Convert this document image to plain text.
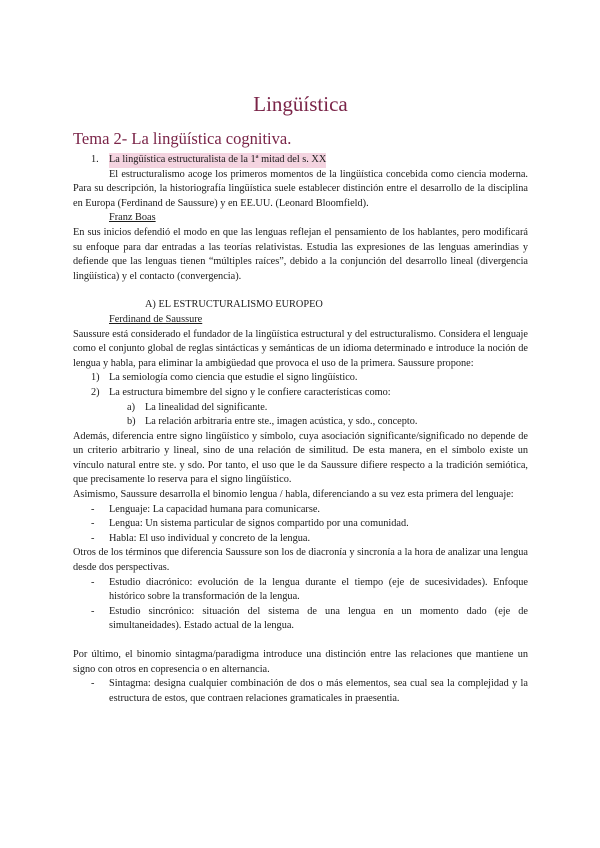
Lingüística
Tema 2- La lingüística cognitiva.
1. La lingüística estructuralista de la 1ª mitad del s. XX

El estructuralismo acoge los primeros momentos de la lingüística concebida como ciencia moderna. Para su descripción, la historiografía lingüística suele establecer distinción entre el desarrollo de la disciplina en Europa (Ferdinand de Saussure) y en EE.UU. (Leonard Bloomfield).

Franz Boas

En sus inicios defendió el modo en que las lenguas reflejan el pensamiento de los hablantes, pero modificará su enfoque para dar entradas a las teorías relativistas. Estudia las expresiones de las lenguas amerindias y defiende que las lenguas tienen “múltiples raíces”, debido a la conjunción del desarrollo lineal (divergencia lingüística) y el contacto (convergencia).

A) EL ESTRUCTURALISMO EUROPEO

Ferdinand de Saussure

Saussure está considerado el fundador de la lingüística estructural y del estructuralismo. Considera el lenguaje como el conjunto global de reglas sintácticas y semánticas de un idioma determinado e introduce la noción de lengua y habla, para eliminar la ambigüedad que provoca el uso de la primera. Saussure propone:

1) La semiología como ciencia que estudie el signo lingüístico.
2) La estructura bimembre del signo y le confiere características como:
a) La linealidad del significante.
b) La relación arbitraria entre ste., imagen acústica, y sdo., concepto.

Además, diferencia entre signo lingüístico y símbolo, cuya asociación significante/significado no depende de un criterio arbitrario y lineal, sino de una relación de similitud. De esta manera, en el símbolo existe un vínculo natural entre ste. y sdo. Por tanto, el uso que le da Saussure difiere respecto a la tradición semiótica, que precisamente lo reserva para el signo lingüístico.

Asimismo, Saussure desarrolla el binomio lengua / habla, diferenciando a su vez esta primera del lenguaje:

-	Lenguaje: La capacidad humana para comunicarse.
-	Lengua: Un sistema particular de signos compartido por una comunidad.
-	Habla: El uso individual y concreto de la lengua.

Otros de los términos que diferencia Saussure son los de diacronía y sincronía a la hora de analizar una lengua desde dos perspectivas.

-	Estudio diacrónico: evolución de la lengua durante el tiempo (eje de sucesividades). Enfoque histórico sobre la transformación de la lengua.
-	Estudio sincrónico: situación del sistema de una lengua en un momento dado (eje de simultaneidades). Estado actual de la lengua.

Por último, el binomio sintagma/paradigma introduce una distinción entre las relaciones que mantiene un signo con otros en copresencia o en alternancia.

-	Sintagma: designa cualquier combinación de dos o más elementos, sea cual sea la complejidad y la estructura de estos, que contraen relaciones gramaticales in praesentia.
